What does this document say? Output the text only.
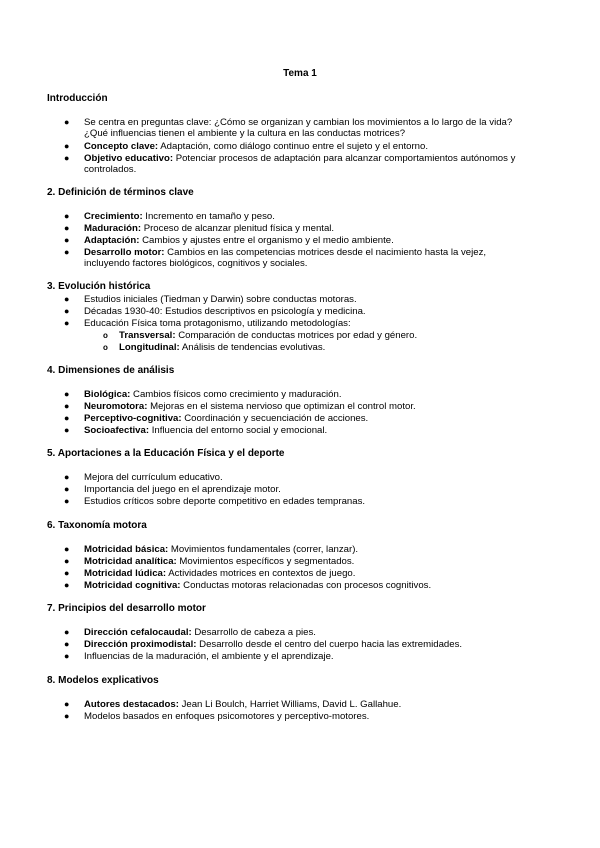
Tema 1
Introducción
● Se centra en preguntas clave: ¿Cómo se organizan y cambian los movimientos a lo largo de la vida?
¿Qué influencias tienen el ambiente y la cultura en las conductas motrices?
● Concepto clave: Adaptación, como diálogo continuo entre el sujeto y el entorno.
● Objetivo educativo: Potenciar procesos de adaptación para alcanzar comportamientos autónomos y
controlados.
2. Definición de términos clave
● Crecimiento: Incremento en tamaño y peso.
● Maduración: Proceso de alcanzar plenitud física y mental.
● Adaptación: Cambios y ajustes entre el organismo y el medio ambiente.
● Desarrollo motor: Cambios en las competencias motrices desde el nacimiento hasta la vejez,
incluyendo factores biológicos, cognitivos y sociales.
3. Evolución histórica
● Estudios iniciales (Tiedman y Darwin) sobre conductas motoras.
● Décadas 1930-40: Estudios descriptivos en psicología y medicina.
● Educación Física toma protagonismo, utilizando metodologías:
o Transversal: Comparación de conductas motrices por edad y género.
o Longitudinal: Análisis de tendencias evolutivas.
4. Dimensiones de análisis
● Biológica: Cambios físicos como crecimiento y maduración.
● Neuromotora: Mejoras en el sistema nervioso que optimizan el control motor.
● Perceptivo-cognitiva: Coordinación y secuenciación de acciones.
● Socioafectiva: Influencia del entorno social y emocional.
5. Aportaciones a la Educación Física y el deporte
● Mejora del currículum educativo.
● Importancia del juego en el aprendizaje motor.
● Estudios críticos sobre deporte competitivo en edades tempranas.
6. Taxonomía motora
● Motricidad básica: Movimientos fundamentales (correr, lanzar).
● Motricidad analítica: Movimientos específicos y segmentados.
● Motricidad lúdica: Actividades motrices en contextos de juego.
● Motricidad cognitiva: Conductas motoras relacionadas con procesos cognitivos.
7. Principios del desarrollo motor
● Dirección cefalocaudal: Desarrollo de cabeza a pies.
● Dirección proximodistal: Desarrollo desde el centro del cuerpo hacia las extremidades.
● Influencias de la maduración, el ambiente y el aprendizaje.
8. Modelos explicativos
● Autores destacados: Jean Li Boulch, Harriet Williams, David L. Gallahue.
● Modelos basados en enfoques psicomotores y perceptivo-motores.
